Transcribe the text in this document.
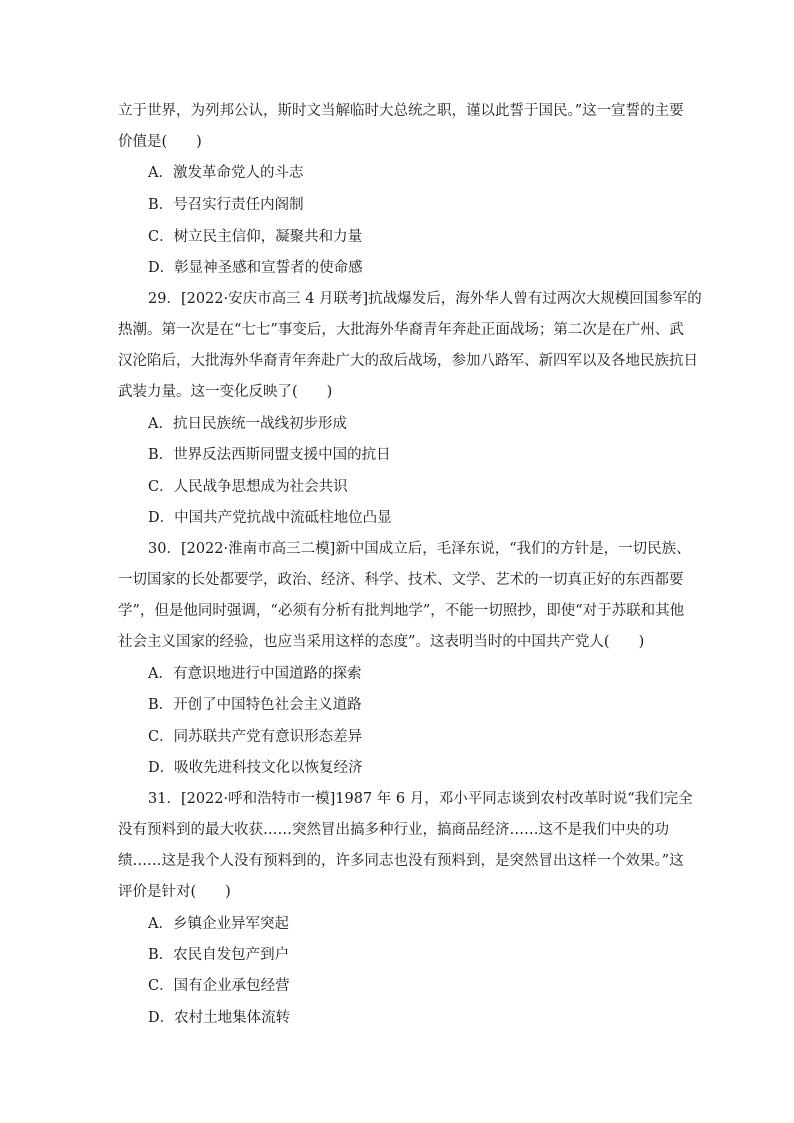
立于世界，为列邦公认，斯时文当解临时大总统之职，谨以此誓于国民。”这一宣誓的主要
价值是(　　)
A．激发革命党人的斗志
B．号召实行责任内阁制
C．树立民主信仰，凝聚共和力量
D．彰显神圣感和宣誓者的使命感
29．[2022·安庆市高三 4 月联考]抗战爆发后，海外华人曾有过两次大规模回国参军的
热潮。第一次是在“七七”事变后，大批海外华裔青年奔赴正面战场；第二次是在广州、武
汉沦陷后，大批海外华裔青年奔赴广大的敌后战场，参加八路军、新四军以及各地民族抗日
武装力量。这一变化反映了(　　)
A．抗日民族统一战线初步形成
B．世界反法西斯同盟支援中国的抗日
C．人民战争思想成为社会共识
D．中国共产党抗战中流砥柱地位凸显
30．[2022·淮南市高三二模]新中国成立后，毛泽东说，“我们的方针是，一切民族、
一切国家的长处都要学，政治、经济、科学、技术、文学、艺术的一切真正好的东西都要
学”，但是他同时强调，“必须有分析有批判地学”，不能一切照抄，即使“对于苏联和其他
社会主义国家的经验，也应当采用这样的态度”。这表明当时的中国共产党人(　　)
A．有意识地进行中国道路的探索
B．开创了中国特色社会主义道路
C．同苏联共产党有意识形态差异
D．吸收先进科技文化以恢复经济
31．[2022·呼和浩特市一模]1987 年 6 月，邓小平同志谈到农村改革时说“我们完全
没有预料到的最大收获……突然冒出搞多种行业，搞商品经济……这不是我们中央的功
绩……这是我个人没有预料到的，许多同志也没有预料到，是突然冒出这样一个效果。”这
评价是针对(　　)
A．乡镇企业异军突起
B．农民自发包产到户
C．国有企业承包经营
D．农村土地集体流转
